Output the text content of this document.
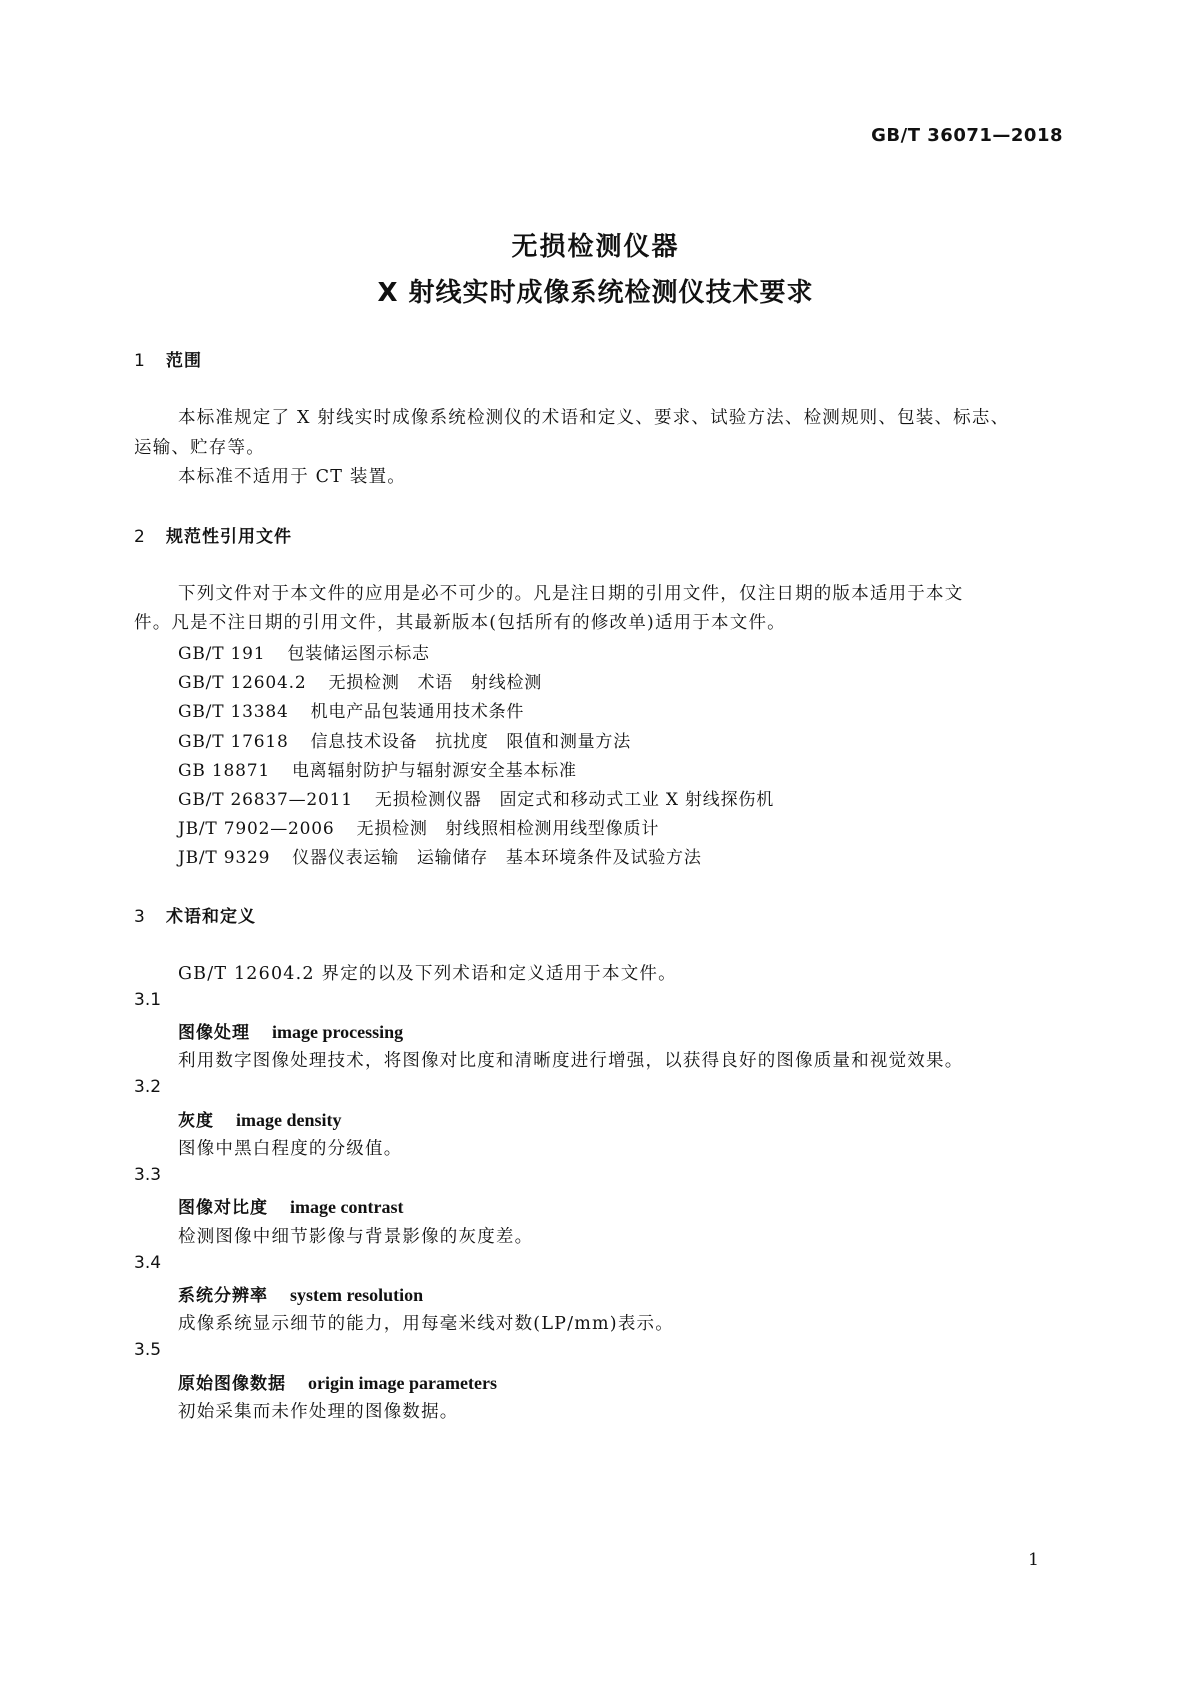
GB/T 36071—2018
无损检测仪器
X 射线实时成像系统检测仪技术要求
1 范围
本标准规定了 X 射线实时成像系统检测仪的术语和定义、要求、试验方法、检测规则、包装、标志、
运输、贮存等。
本标准不适用于 CT 装置。
2 规范性引用文件
下列文件对于本文件的应用是必不可少的。凡是注日期的引用文件，仅注日期的版本适用于本文
件。凡是不注日期的引用文件，其最新版本(包括所有的修改单)适用于本文件。
GB/T 191 包装储运图示标志
GB/T 12604.2 无损检测　术语　射线检测
GB/T 13384 机电产品包装通用技术条件
GB/T 17618 信息技术设备　抗扰度　限值和测量方法
GB 18871 电离辐射防护与辐射源安全基本标准
GB/T 26837—2011 无损检测仪器　固定式和移动式工业 X 射线探伤机
JB/T 7902—2006 无损检测　射线照相检测用线型像质计
JB/T 9329 仪器仪表运输　运输储存　基本环境条件及试验方法
3 术语和定义
GB/T 12604.2 界定的以及下列术语和定义适用于本文件。
3.1
图像处理 image processing
利用数字图像处理技术，将图像对比度和清晰度进行增强，以获得良好的图像质量和视觉效果。
3.2
灰度 image density
图像中黑白程度的分级值。
3.3
图像对比度 image contrast
检测图像中细节影像与背景影像的灰度差。
3.4
系统分辨率 system resolution
成像系统显示细节的能力，用每毫米线对数(LP/mm)表示。
3.5
原始图像数据 origin image parameters
初始采集而未作处理的图像数据。
1
